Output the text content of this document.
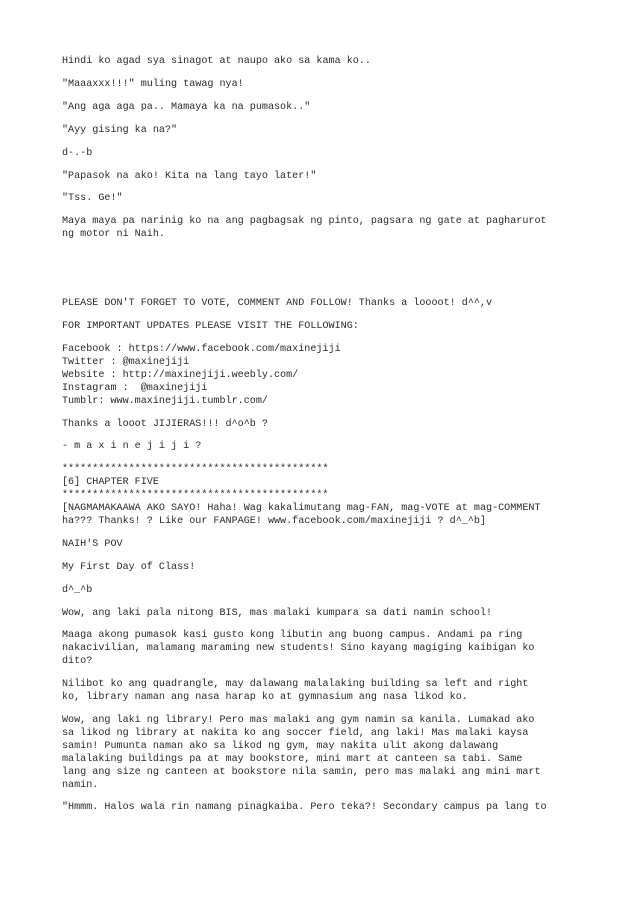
Hindi ko agad sya sinagot at naupo ako sa kama ko..

"Maaaxxx!!!" muling tawag nya!

"Ang aga aga pa.. Mamaya ka na pumasok.."

"Ayy gising ka na?"

d-.-b

"Papasok na ako! Kita na lang tayo later!"

"Tss. Ge!"

Maya maya pa narinig ko na ang pagbagsak ng pinto, pagsara ng gate at pagharurot
ng motor ni Naih.

PLEASE DON'T FORGET TO VOTE, COMMENT AND FOLLOW! Thanks a loooot! d^^,v

FOR IMPORTANT UPDATES PLEASE VISIT THE FOLLOWING:

Facebook : https://www.facebook.com/maxinejiji
Twitter : @maxinejiji
Website : http://maxinejiji.weebly.com/
Instagram :  @maxinejiji
Tumblr: www.maxinejiji.tumblr.com/

Thanks a looot JIJIERAS!!! d^o^b ?

- m a x i n e j i j i ?

********************************************
[6] CHAPTER FIVE
********************************************
[NAGMAMAKAAWA AKO SAYO! Haha! Wag kakalimutang mag-FAN, mag-VOTE at mag-COMMENT
ha??? Thanks! ? Like our FANPAGE! www.facebook.com/maxinejiji ? d^_^b]

NAIH'S POV

My First Day of Class!

d^_^b

Wow, ang laki pala nitong BIS, mas malaki kumpara sa dati namin school!

Maaga akong pumasok kasi gusto kong libutin ang buong campus. Andami pa ring
nakacivilian, malamang maraming new students! Sino kayang magiging kaibigan ko
dito?

Nilibot ko ang quadrangle, may dalawang malalaking building sa left and right
ko, library naman ang nasa harap ko at gymnasium ang nasa likod ko.

Wow, ang laki ng library! Pero mas malaki ang gym namin sa kanila. Lumakad ako
sa likod ng library at nakita ko ang soccer field, ang laki! Mas malaki kaysa
samin! Pumunta naman ako sa likod ng gym, may nakita ulit akong dalawang
malalaking buildings pa at may bookstore, mini mart at canteen sa tabi. Same
lang ang size ng canteen at bookstore nila samin, pero mas malaki ang mini mart
namin.

"Hmmm. Halos wala rin namang pinagkaiba. Pero teka?! Secondary campus pa lang to
